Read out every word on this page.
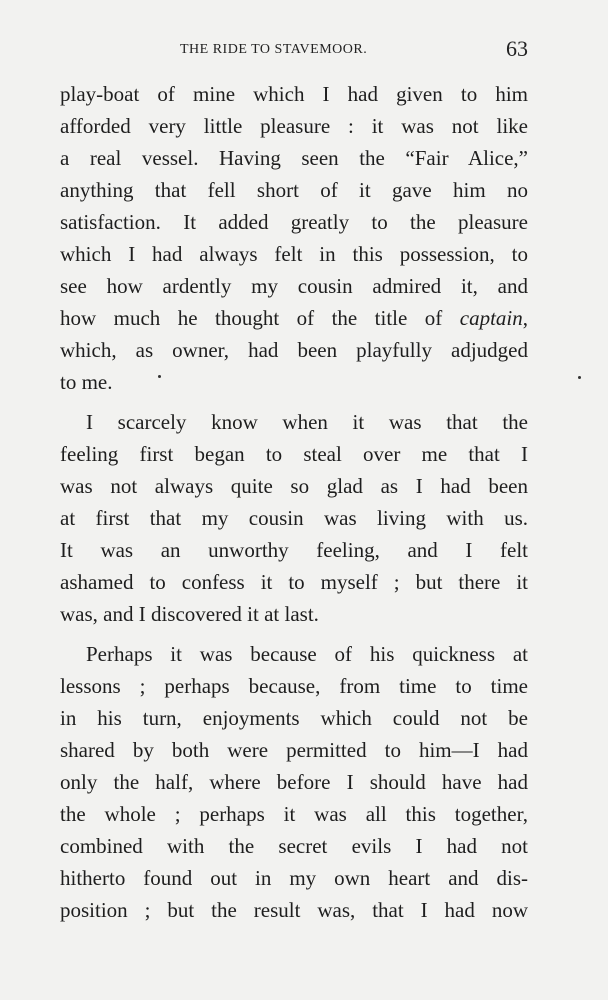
THE RIDE TO STAVEMOOR.	63

play-boat of mine which I had given to him

afforded very little pleasure : it was not like

a real vessel. Having seen the “Fair Alice,”

anything that fell short of it gave him no

satisfaction. It added greatly to the pleasure

which I had always felt in this possession, to

see how ardently my cousin admired it, and

how much he thought of the title of captain,

which, as owner, had been playfully adjudged

to me.

I scarcely know when it was that the

feeling first began to steal over me that I

was not always quite so glad as I had been

at first that my cousin was living with us.

It was an unworthy feeling, and I felt

ashamed to confess it to myself ; but there it

was, and I discovered it at last.

Perhaps it was because of his quickness at

lessons ; perhaps because, from time to time

in his turn, enjoyments which could not be

shared by both were permitted to him—I had

only the half, where before I should have had

the whole ; perhaps it was all this together,

combined with the secret evils I had not

hitherto found out in my own heart and dis-

position ; but the result was, that I had now
